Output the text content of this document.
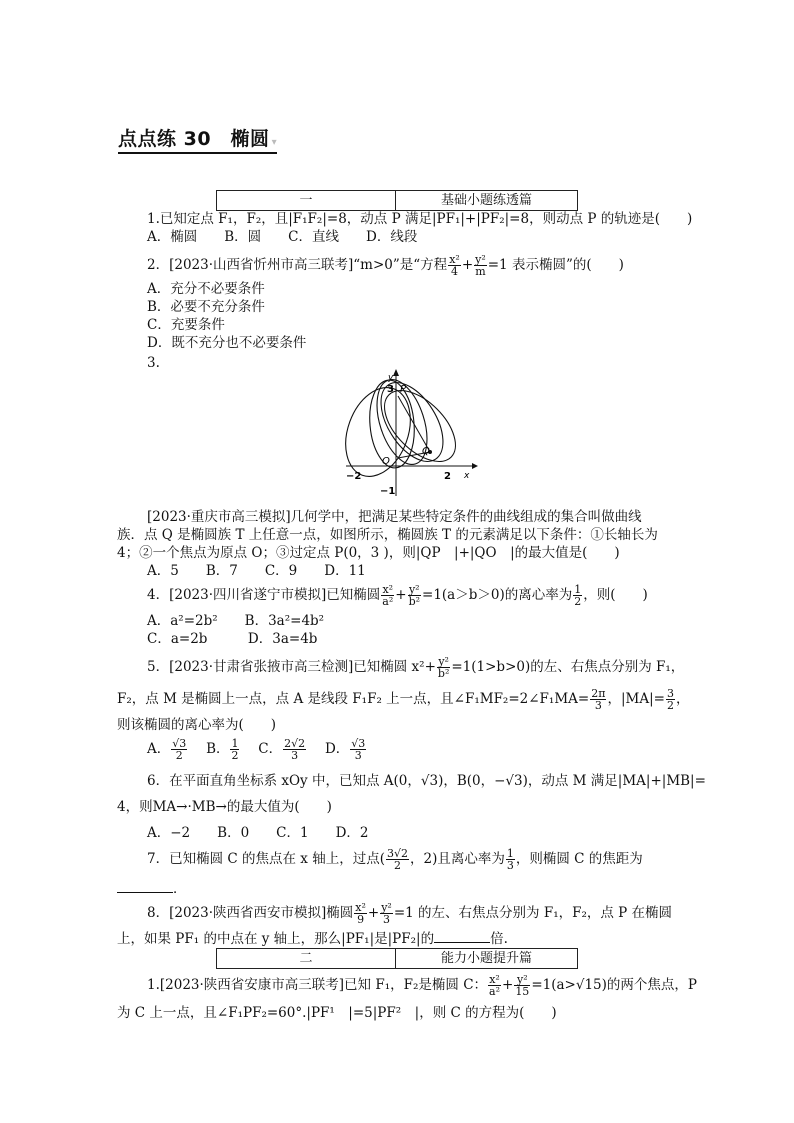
点点练 30　椭圆 ▾
一	基础小题练透篇
1.已知定点 F₁，F₂，且|F₁F₂|=8，动点 P 满足|PF₁|+|PF₂|=8，则动点 P 的轨迹是(　　)
A．椭圆　　B．圆　　C．直线　　D．线段
2．[2023·山西省忻州市高三联考]“m>0”是“方程 $\frac{\text{x²}}{4} + \frac{\text{y²}}{m} =1$ 表示椭圆”的(　　)
A．充分不必要条件
B．必要不充分条件
C．充要条件
D．既不充分也不必要条件
3.
y
x
P
3
O
Q
2
−2
−1
[2023·重庆市高三模拟]几何学中，把满足某些特定条件的曲线组成的集合叫做曲线
族．点 Q 是椭圆族 T 上任意一点，如图所示，椭圆族 T 的元素满足以下条件：①长轴长为
4；②一个焦点为原点 O；③过定点 P(0，3 )，则|QP　|+|QO　|的最大值是(　　)
A．5　　B．7　　C．9　　D．11
4．[2023·四川省遂宁市模拟]已知椭圆 $\frac{\text{x²}}{\text{a²}} + \frac{\text{y²}}{\text{b²}} =1(a>b>0)$的离心率为 $\frac{1}{2}$ ，则(　　)
A．a²=2b²　　B．3a²=4b²
C．a=2b　　　D．3a=4b
5．[2023·甘肃省张掖市高三检测]已知椭圆 $x^2+ \frac{\text{y²}}{\text{b²}} =1(1>b>0)$的左、右焦点分别为 F₁，
F₂，点 M 是椭圆上一点，点 A 是线段 F₁F₂ 上一点，且∠F₁MF₂=2∠F₁MA= $\frac{2\pi}{3}$ ，$|MA|= \frac{3}{2}$ ，
则该椭圆的离心率为(　　)
A． $\frac{√3}{2}$
　 B． $\frac{1}{2}$
　 C． $\frac{2√2}{3}$
　 D． $\frac{√3}{3}$
6．在平面直角坐标系 xOy 中，已知点 A(0，√3)，B(0，−√3)，动点 M 满足|MA|+|MB|=
4，则MA→·MB→的最大值为(　　)
A．−2　　B．0　　C．1　　D．2
7．已知椭圆 C 的焦点在 x 轴上，过点( $\frac{3√2}{2}$ ，2)且离心率为 $\frac{1}{3}$ ，则椭圆 C 的焦距为
．
8．[2023·陕西省西安市模拟]椭圆 $\frac{\text{x²}}{9} + \frac{\text{y²}}{3} =1$ 的左、右焦点分别为 F₁，F₂，点 P 在椭圆
上，如果 PF₁ 的中点在 y 轴上，那么|PF₁|是|PF₂|的	倍.
二	能力小题提升篇
1.[2023·陕西省安康市高三联考]已知 F₁，F₂是椭圆 C： $\frac{\text{x²}}{\text{a²}} + \frac{\text{y²}}{15} =1(a>√15)$的两个焦点，P
为 C 上一点，且∠F₁PF₂=60°.|PF¹　|=5|PF²　|，则 C 的方程为(　　)
